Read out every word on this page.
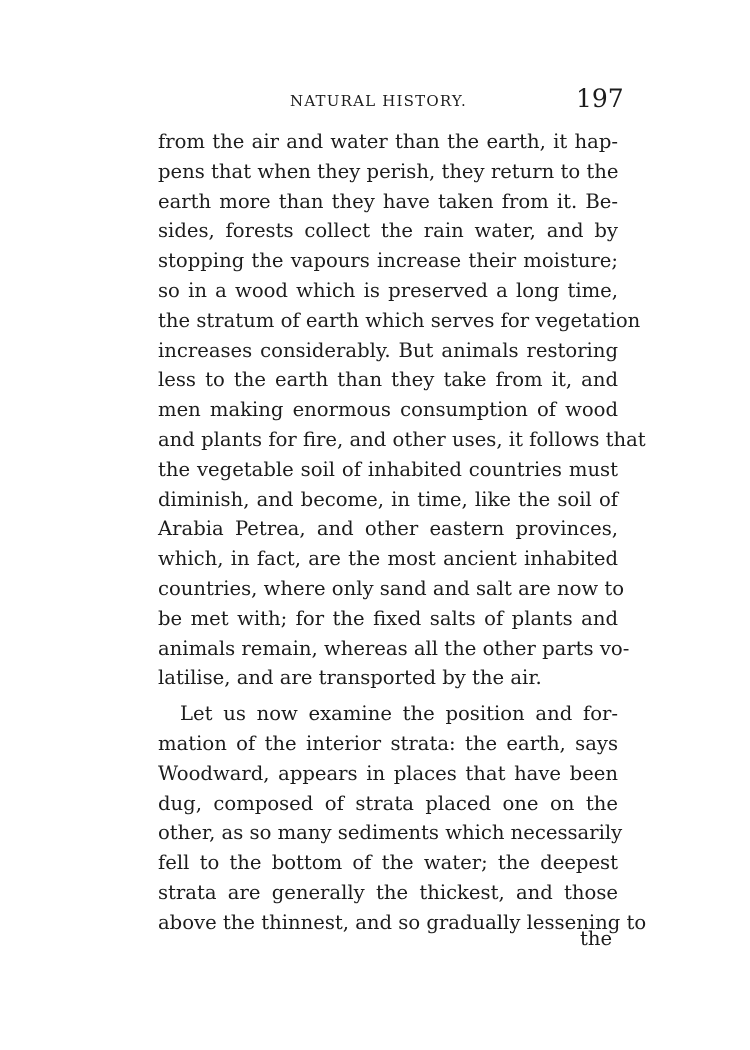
NATURAL HISTORY.	197
from the air and water than the earth, it hap-
pens that when they perish, they return to the
earth more than they have taken from it. Be-
sides, forests collect the rain water, and by
stopping the vapours increase their moisture;
so in a wood which is preserved a long time,
the stratum of earth which serves for vegetation
increases considerably. But animals restoring
less to the earth than they take from it, and
men making enormous consumption of wood
and plants for fire, and other uses, it follows that
the vegetable soil of inhabited countries must
diminish, and become, in time, like the soil of
Arabia Petrea, and other eastern provinces,
which, in fact, are the most ancient inhabited
countries, where only sand and salt are now to
be met with; for the fixed salts of plants and
animals remain, whereas all the other parts vo-
latilise, and are transported by the air.
Let us now examine the position and for-
mation of the interior strata: the earth, says
Woodward, appears in places that have been
dug, composed of strata placed one on the
other, as so many sediments which necessarily
fell to the bottom of the water; the deepest
strata are generally the thickest, and those
above the thinnest, and so gradually lessening to
the
